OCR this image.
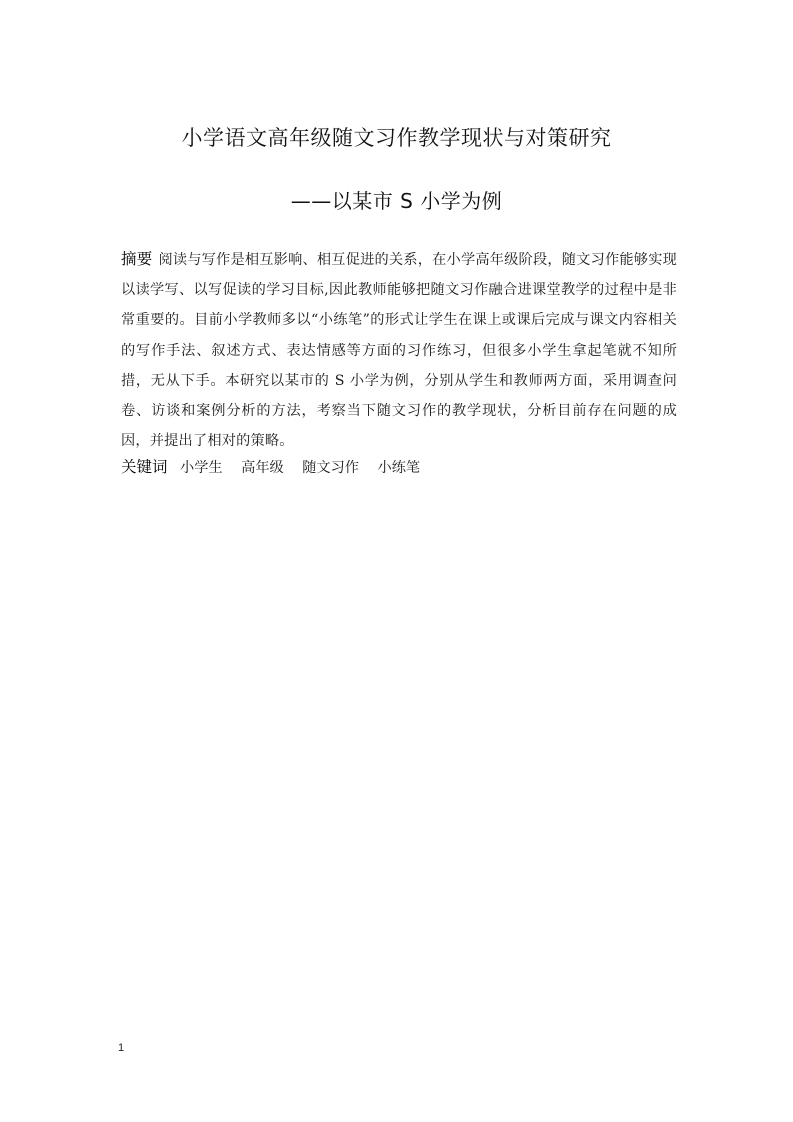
小学语文高年级随文习作教学现状与对策研究
——以某市 S 小学为例
摘要 阅读与写作是相互影响、相互促进的关系，在小学高年级阶段，随文习作能够实现以读学写、以写促读的学习目标,因此教师能够把随文习作融合进课堂教学的过程中是非常重要的。目前小学教师多以“小练笔”的形式让学生在课上或课后完成与课文内容相关的写作手法、叙述方式、表达情感等方面的习作练习，但很多小学生拿起笔就不知所措，无从下手。本研究以某市的 S 小学为例，分别从学生和教师两方面，采用调查问卷、访谈和案例分析的方法，考察当下随文习作的教学现状，分析目前存在问题的成因，并提出了相对的策略。
关键词 小学生 高年级 随文习作 小练笔
1
